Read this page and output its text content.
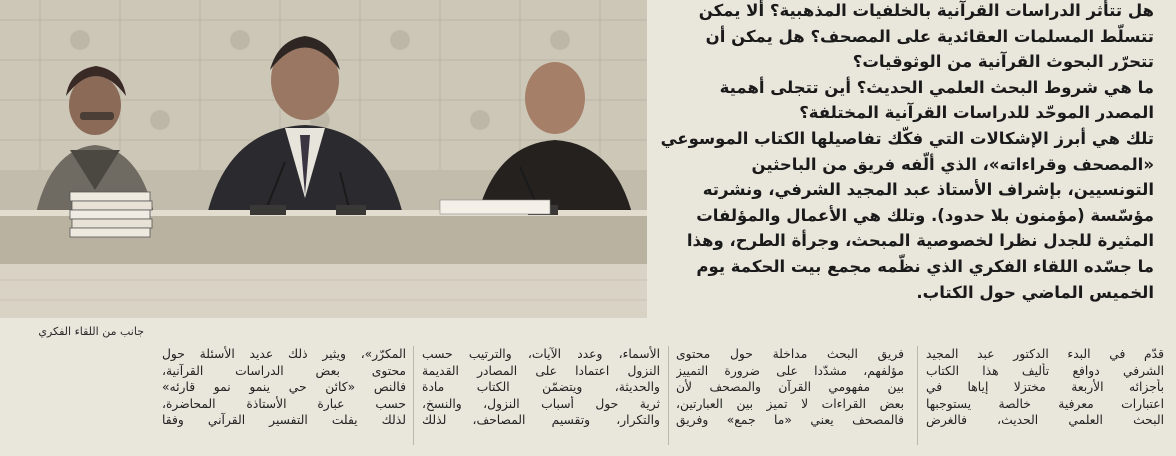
هل تتأثر الدراسات القرآنية بالخلفيات المذهبية؟ ألا يمكن
تتسلّط المسلمات العقائدية على المصحف؟ هل يمكن أن
تتحرّر البحوث القرآنية من الوثوقيات؟
ما هي شروط البحث العلمي الحديث؟ أين تتجلى أهمية
المصدر الموحّد للدراسات القرآنية المختلفة؟
تلك هي أبرز الإشكالات التي فكّك تفاصيلها الكتاب الموسوعي
«المصحف وقراءاته»، الذي ألّفه فريق من الباحثين
التونسيين، بإشراف الأستاذ عبد المجيد الشرفي، ونشرته
مؤسّسة (مؤمنون بلا حدود). وتلك هي الأعمال والمؤلفات
المثيرة للجدل نظرا لخصوصية المبحث، وجرأة الطرح، وهذا
ما جسّده اللقاء الفكري الذي نظّمه مجمع بيت الحكمة يوم
الخميس الماضي حول الكتاب.
جانب من اللقاء الفكري
قدّم في البدء الدكتور عبد المجيد
الشرفي دوافع تأليف هذا الكتاب
بأجزائه الأربعة مختزلا إياها في
اعتبارات معرفية خالصة يستوجبها
البحث العلمي الحديث، فالغرض
فريق البحث مداخلة حول محتوى
مؤلفهم، مشدّدا على ضرورة التمييز
بين مفهومي القرآن والمصحف لأن
بعض القراءات لا تميز بين العبارتين،
فالمصحف يعني «ما جمع» وفريق
الأسماء، وعدد الآيات، والترتيب حسب
النزول اعتمادا على المصادر القديمة
والحديثة، ويتضمّن الكتاب مادة
ثرية حول أسباب النزول، والنسخ،
والتكرار، وتقسيم المصاحف، لذلك
المكرّر»، ويثير ذلك عديد الأسئلة حول
محتوى بعض الدراسات القرآنية،
فالنص «كائن حي ينمو نمو قارئه»
حسب عبارة الأستاذة المحاضرة،
لذلك يفلت التفسير القرآني وفقا
